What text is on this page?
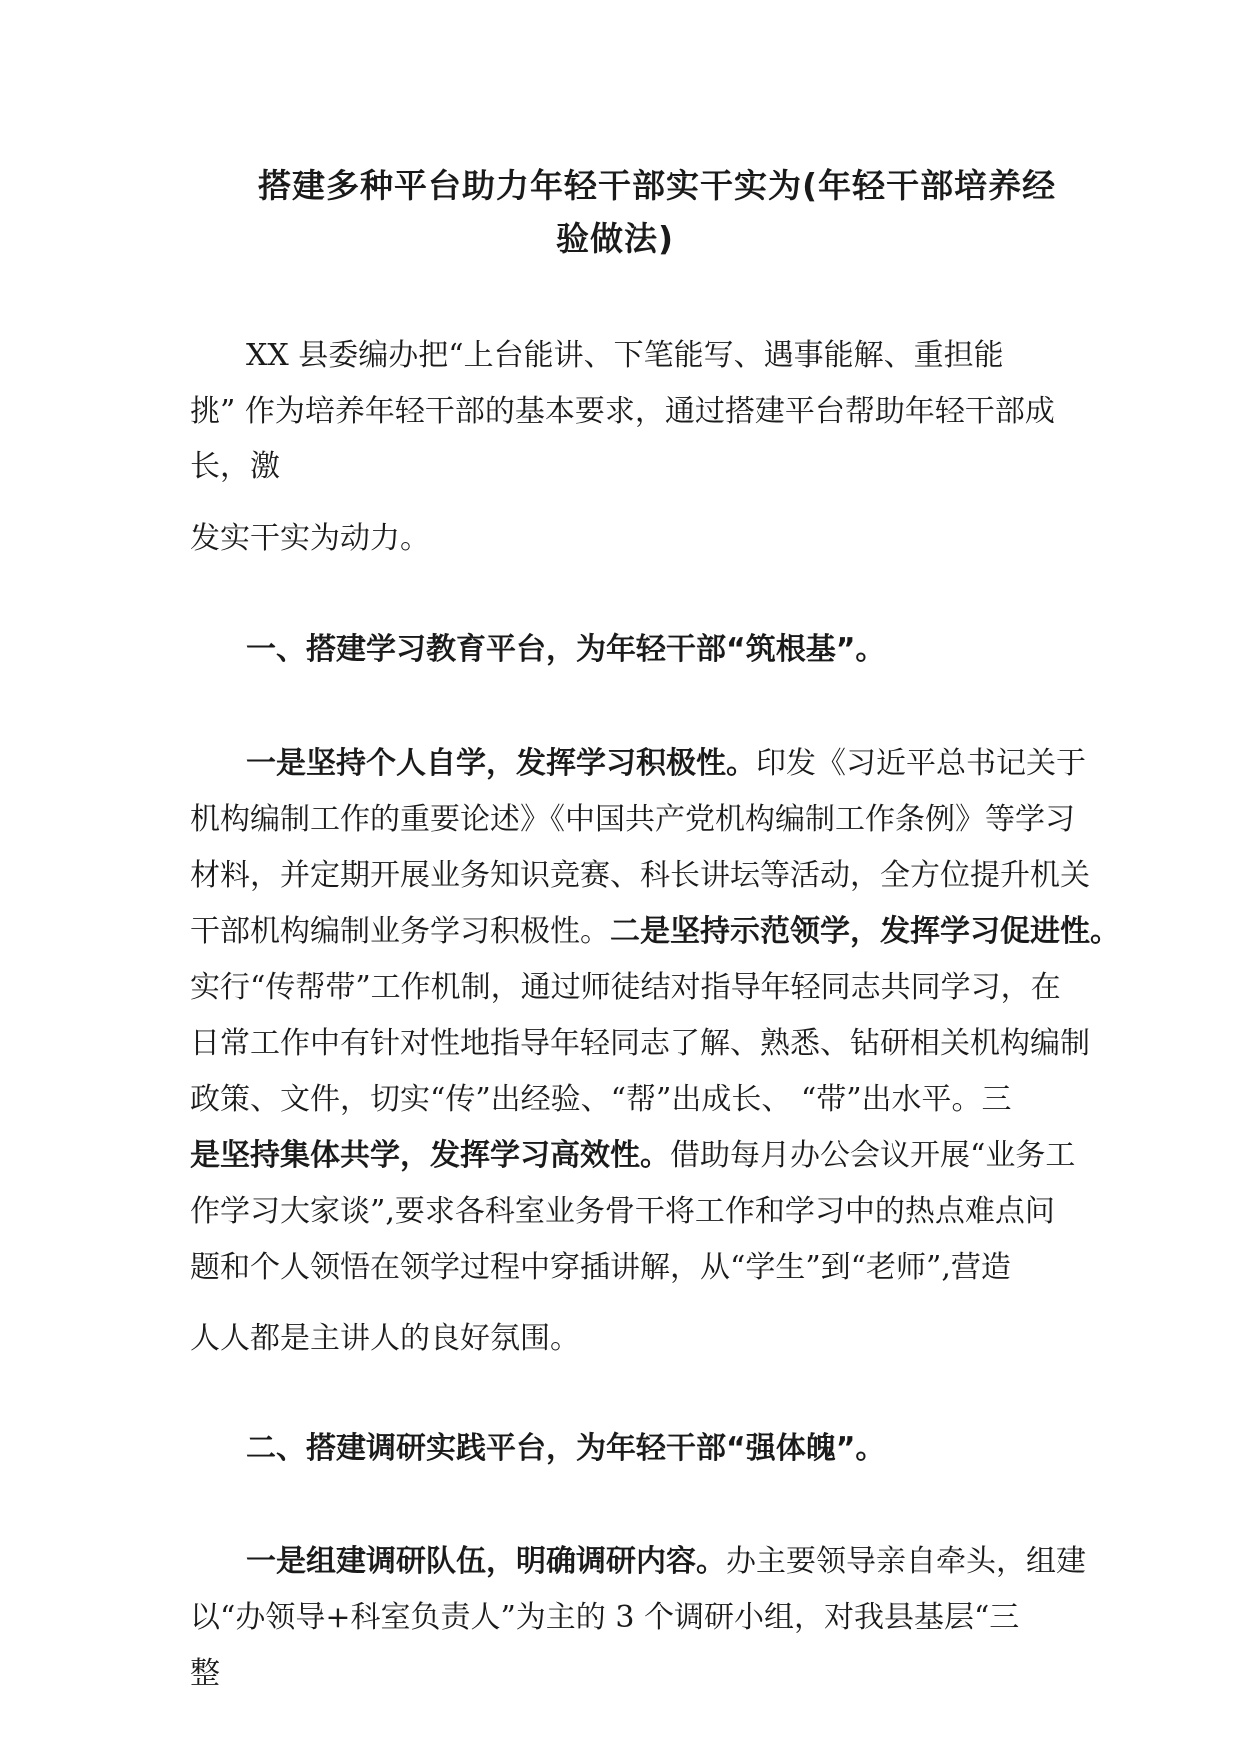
搭建多种平台助力年轻干部实干实为(年轻干部培养经
验做法)
XX 县委编办把“上台能讲、下笔能写、遇事能解、重担能
挑” 作为培养年轻干部的基本要求，通过搭建平台帮助年轻干部成
长，激
发实干实为动力。
一、搭建学习教育平台，为年轻干部“筑根基”。
一是坚持个人自学，发挥学习积极性。印发《习近平总书记关于
机构编制工作的重要论述》《中国共产党机构编制工作条例》等学习
材料，并定期开展业务知识竞赛、科长讲坛等活动，全方位提升机关
干部机构编制业务学习积极性。二是坚持示范领学，发挥学习促进性。
实行“传帮带”工作机制，通过师徒结对指导年轻同志共同学习，在
日常工作中有针对性地指导年轻同志了解、熟悉、钻研相关机构编制
政策、文件，切实“传”出经验、“帮”出成长、 “带”出水平。三
是坚持集体共学，发挥学习高效性。借助每月办公会议开展“业务工
作学习大家谈”,要求各科室业务骨干将工作和学习中的热点难点问
题和个人领悟在领学过程中穿插讲解，从“学生”到“老师”,营造
人人都是主讲人的良好氛围。
二、搭建调研实践平台，为年轻干部“强体魄”。
一是组建调研队伍，明确调研内容。办主要领导亲自牵头，组建
以“办领导+科室负责人”为主的 3 个调研小组，对我县基层“三
整
